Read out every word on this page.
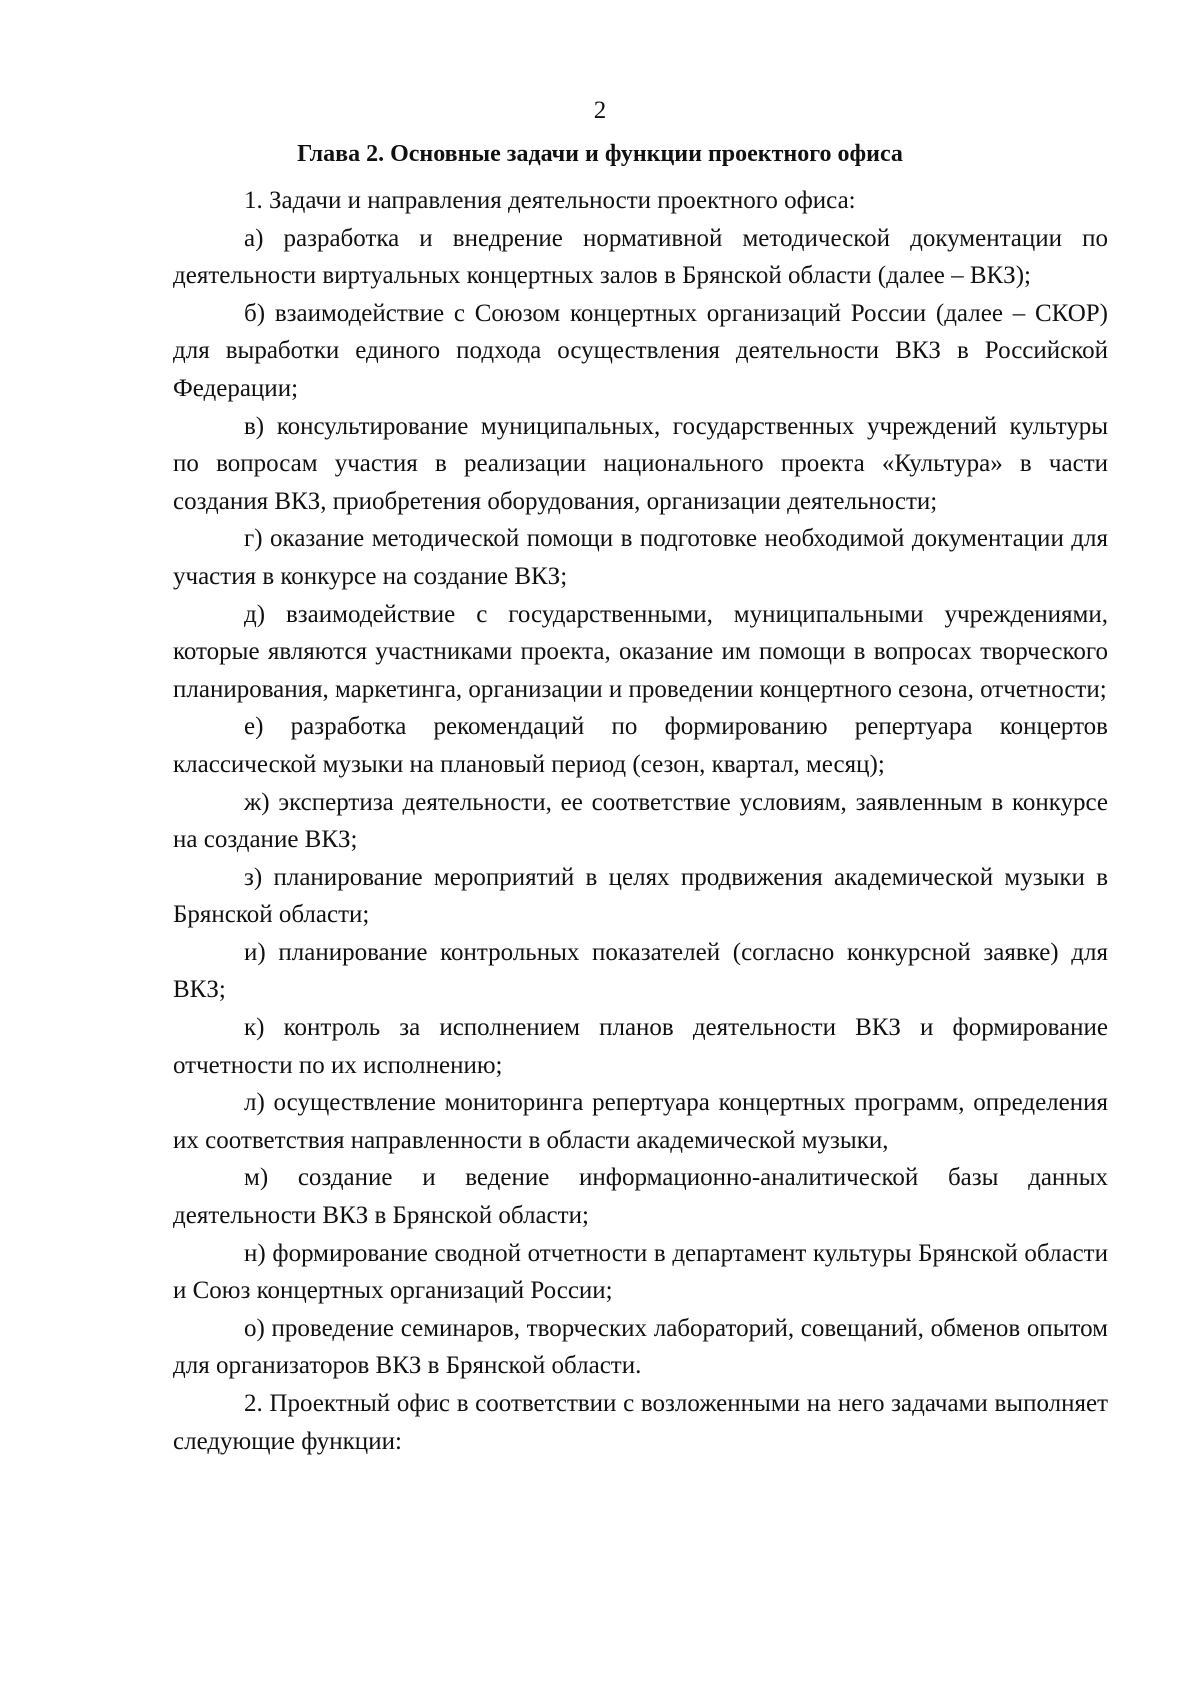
2
Глава 2. Основные задачи и функции проектного офиса

1. Задачи и направления деятельности проектного офиса:

а) разработка и внедрение нормативной методической документации по деятельности виртуальных концертных залов в Брянской области (далее – ВКЗ);

б) взаимодействие с Союзом концертных организаций России (далее – СКОР) для выработки единого подхода осуществления деятельности ВКЗ в Российской Федерации;

в) консультирование муниципальных, государственных учреждений культуры по вопросам участия в реализации национального проекта «Культура» в части создания ВКЗ, приобретения оборудования, организации деятельности;

г) оказание методической помощи в подготовке необходимой документации для участия в конкурсе на создание ВКЗ;

д) взаимодействие с государственными, муниципальными учреждениями, которые являются участниками проекта, оказание им помощи в вопросах творческого планирования, маркетинга, организации и проведении концертного сезона, отчетности;

е) разработка рекомендаций по формированию репертуара концертов классической музыки на плановый период (сезон, квартал, месяц);

ж) экспертиза деятельности, ее соответствие условиям, заявленным в конкурсе на создание ВКЗ;

з) планирование мероприятий в целях продвижения академической музыки в Брянской области;

и) планирование контрольных показателей (согласно конкурсной заявке) для ВКЗ;

к) контроль за исполнением планов деятельности ВКЗ и формирование отчетности по их исполнению;

л) осуществление мониторинга репертуара концертных программ, определения их соответствия направленности в области академической музыки,

м) создание и ведение информационно-аналитической базы данных деятельности ВКЗ в Брянской области;

н) формирование сводной отчетности в департамент культуры Брянской области и Союз концертных организаций России;

о) проведение семинаров, творческих лабораторий, совещаний, обменов опытом для организаторов ВКЗ в Брянской области.

2. Проектный офис в соответствии с возложенными на него задачами выполняет следующие функции:
